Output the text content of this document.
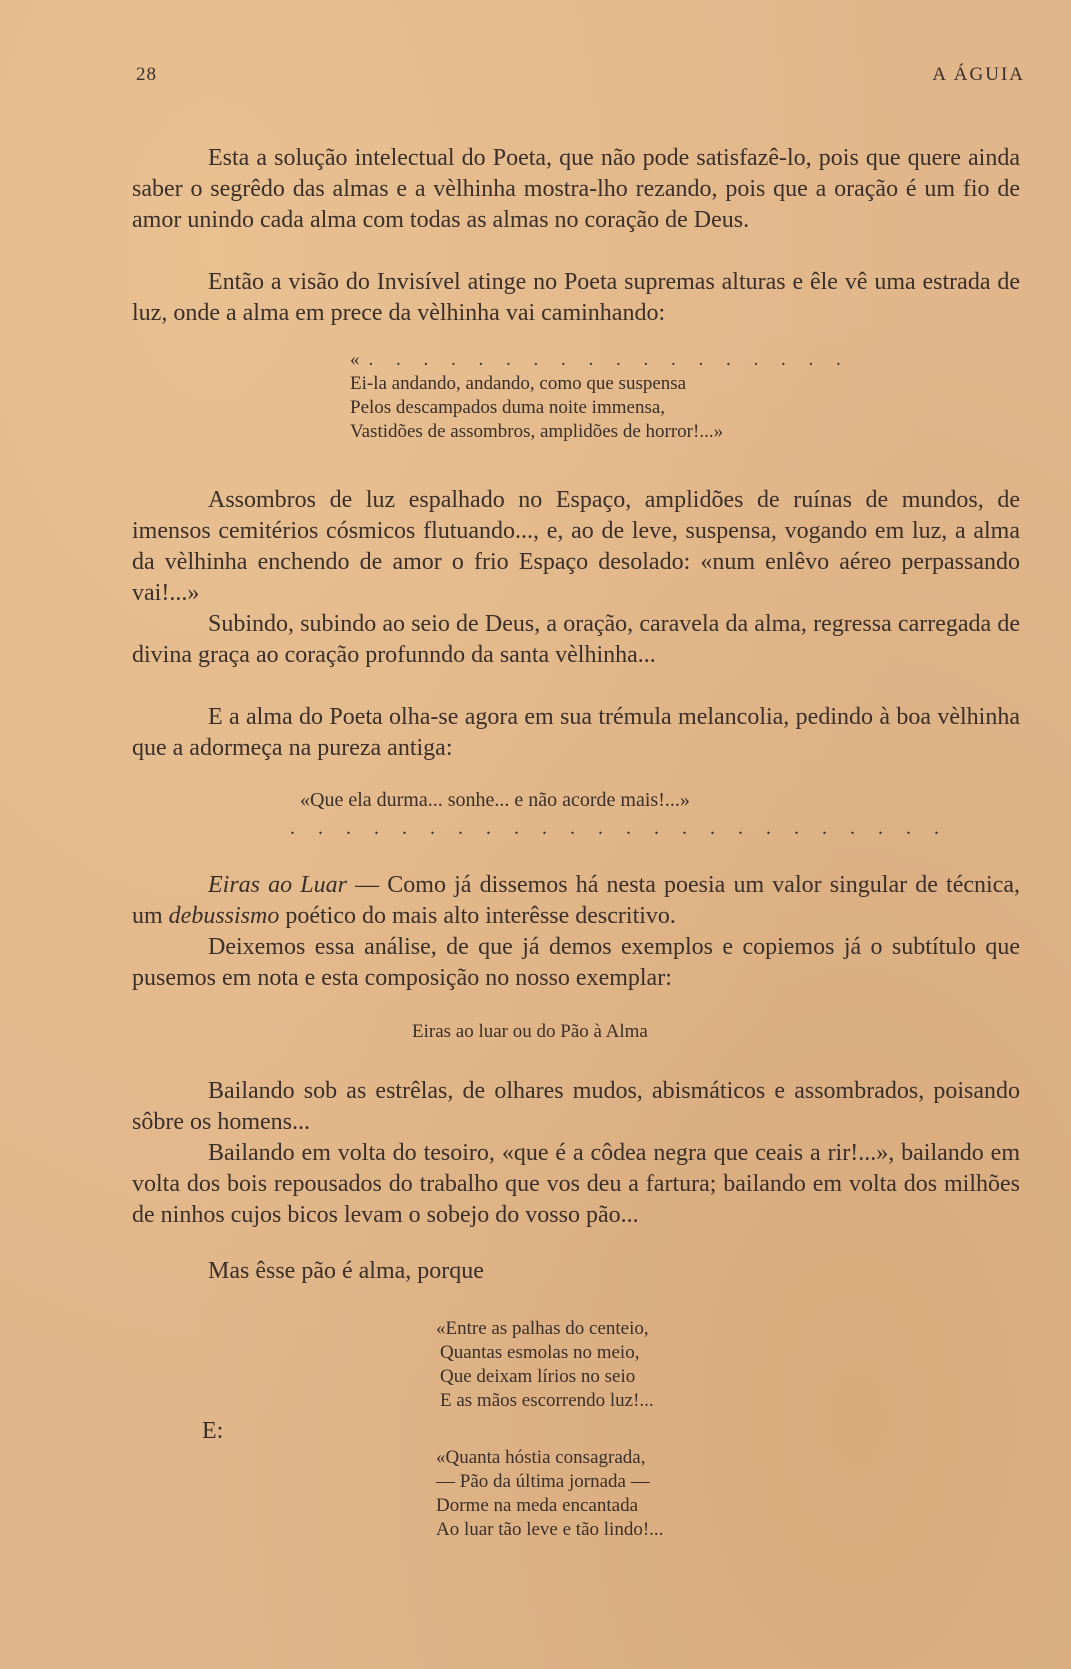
28	A ÁGUIA
Esta a solução intelectual do Poeta, que não pode satisfazê-lo, pois que quere ainda saber o segrêdo das almas e a vèlhinha mostra-lho rezando, pois que a oração é um fio de amor unindo cada alma com todas as almas no coração de Deus.
Então a visão do Invisível atinge no Poeta supremas alturas e êle vê uma estrada de luz, onde a alma em prece da vèlhinha vai caminhando:
«. . . . . . . . . . . . . . . . . .
Ei-la andando, andando, como que suspensa
Pelos descampados duma noite immensa,
Vastidões de assombros, amplidões de horror!...»
Assombros de luz espalhado no Espaço, amplidões de ruínas de mundos, de imensos cemitérios cósmicos flutuando..., e, ao de leve, suspensa, vogando em luz, a alma da vèlhinha enchendo de amor o frio Espaço desolado: «num enlêvo aéreo perpassando vai!...»
Subindo, subindo ao seio de Deus, a oração, caravela da alma, regressa carregada de divina graça ao coração profunndo da santa vèlhinha...
E a alma do Poeta olha-se agora em sua trémula melancolia, pedindo à boa vèlhinha que a adormeça na pureza antiga:
«Que ela durma... sonhe... e não acorde mais!...»
. . . . . . . . . . . . . . . . . . . . . . . .
Eiras ao Luar — Como já dissemos há nesta poesia um valor singular de técnica, um debussismo poético do mais alto interêsse descritivo.
Deixemos essa análise, de que já demos exemplos e copiemos já o subtítulo que pusemos em nota e esta composição no nosso exemplar:
Eiras ao luar ou do Pão à Alma
Bailando sob as estrêlas, de olhares mudos, abismáticos e assombrados, poisando sôbre os homens...
Bailando em volta do tesoiro, «que é a côdea negra que ceais a rir!...», bailando em volta dos bois repousados do trabalho que vos deu a fartura; bailando em volta dos milhões de ninhos cujos bicos levam o sobejo do vosso pão...
Mas êsse pão é alma, porque
«Entre as palhas do centeio,
Quantas esmolas no meio,
Que deixam lírios no seio
E as mãos escorrendo luz!...
E:
«Quanta hóstia consagrada,
— Pão da última jornada —
Dorme na meda encantada
Ao luar tão leve e tão lindo!...
